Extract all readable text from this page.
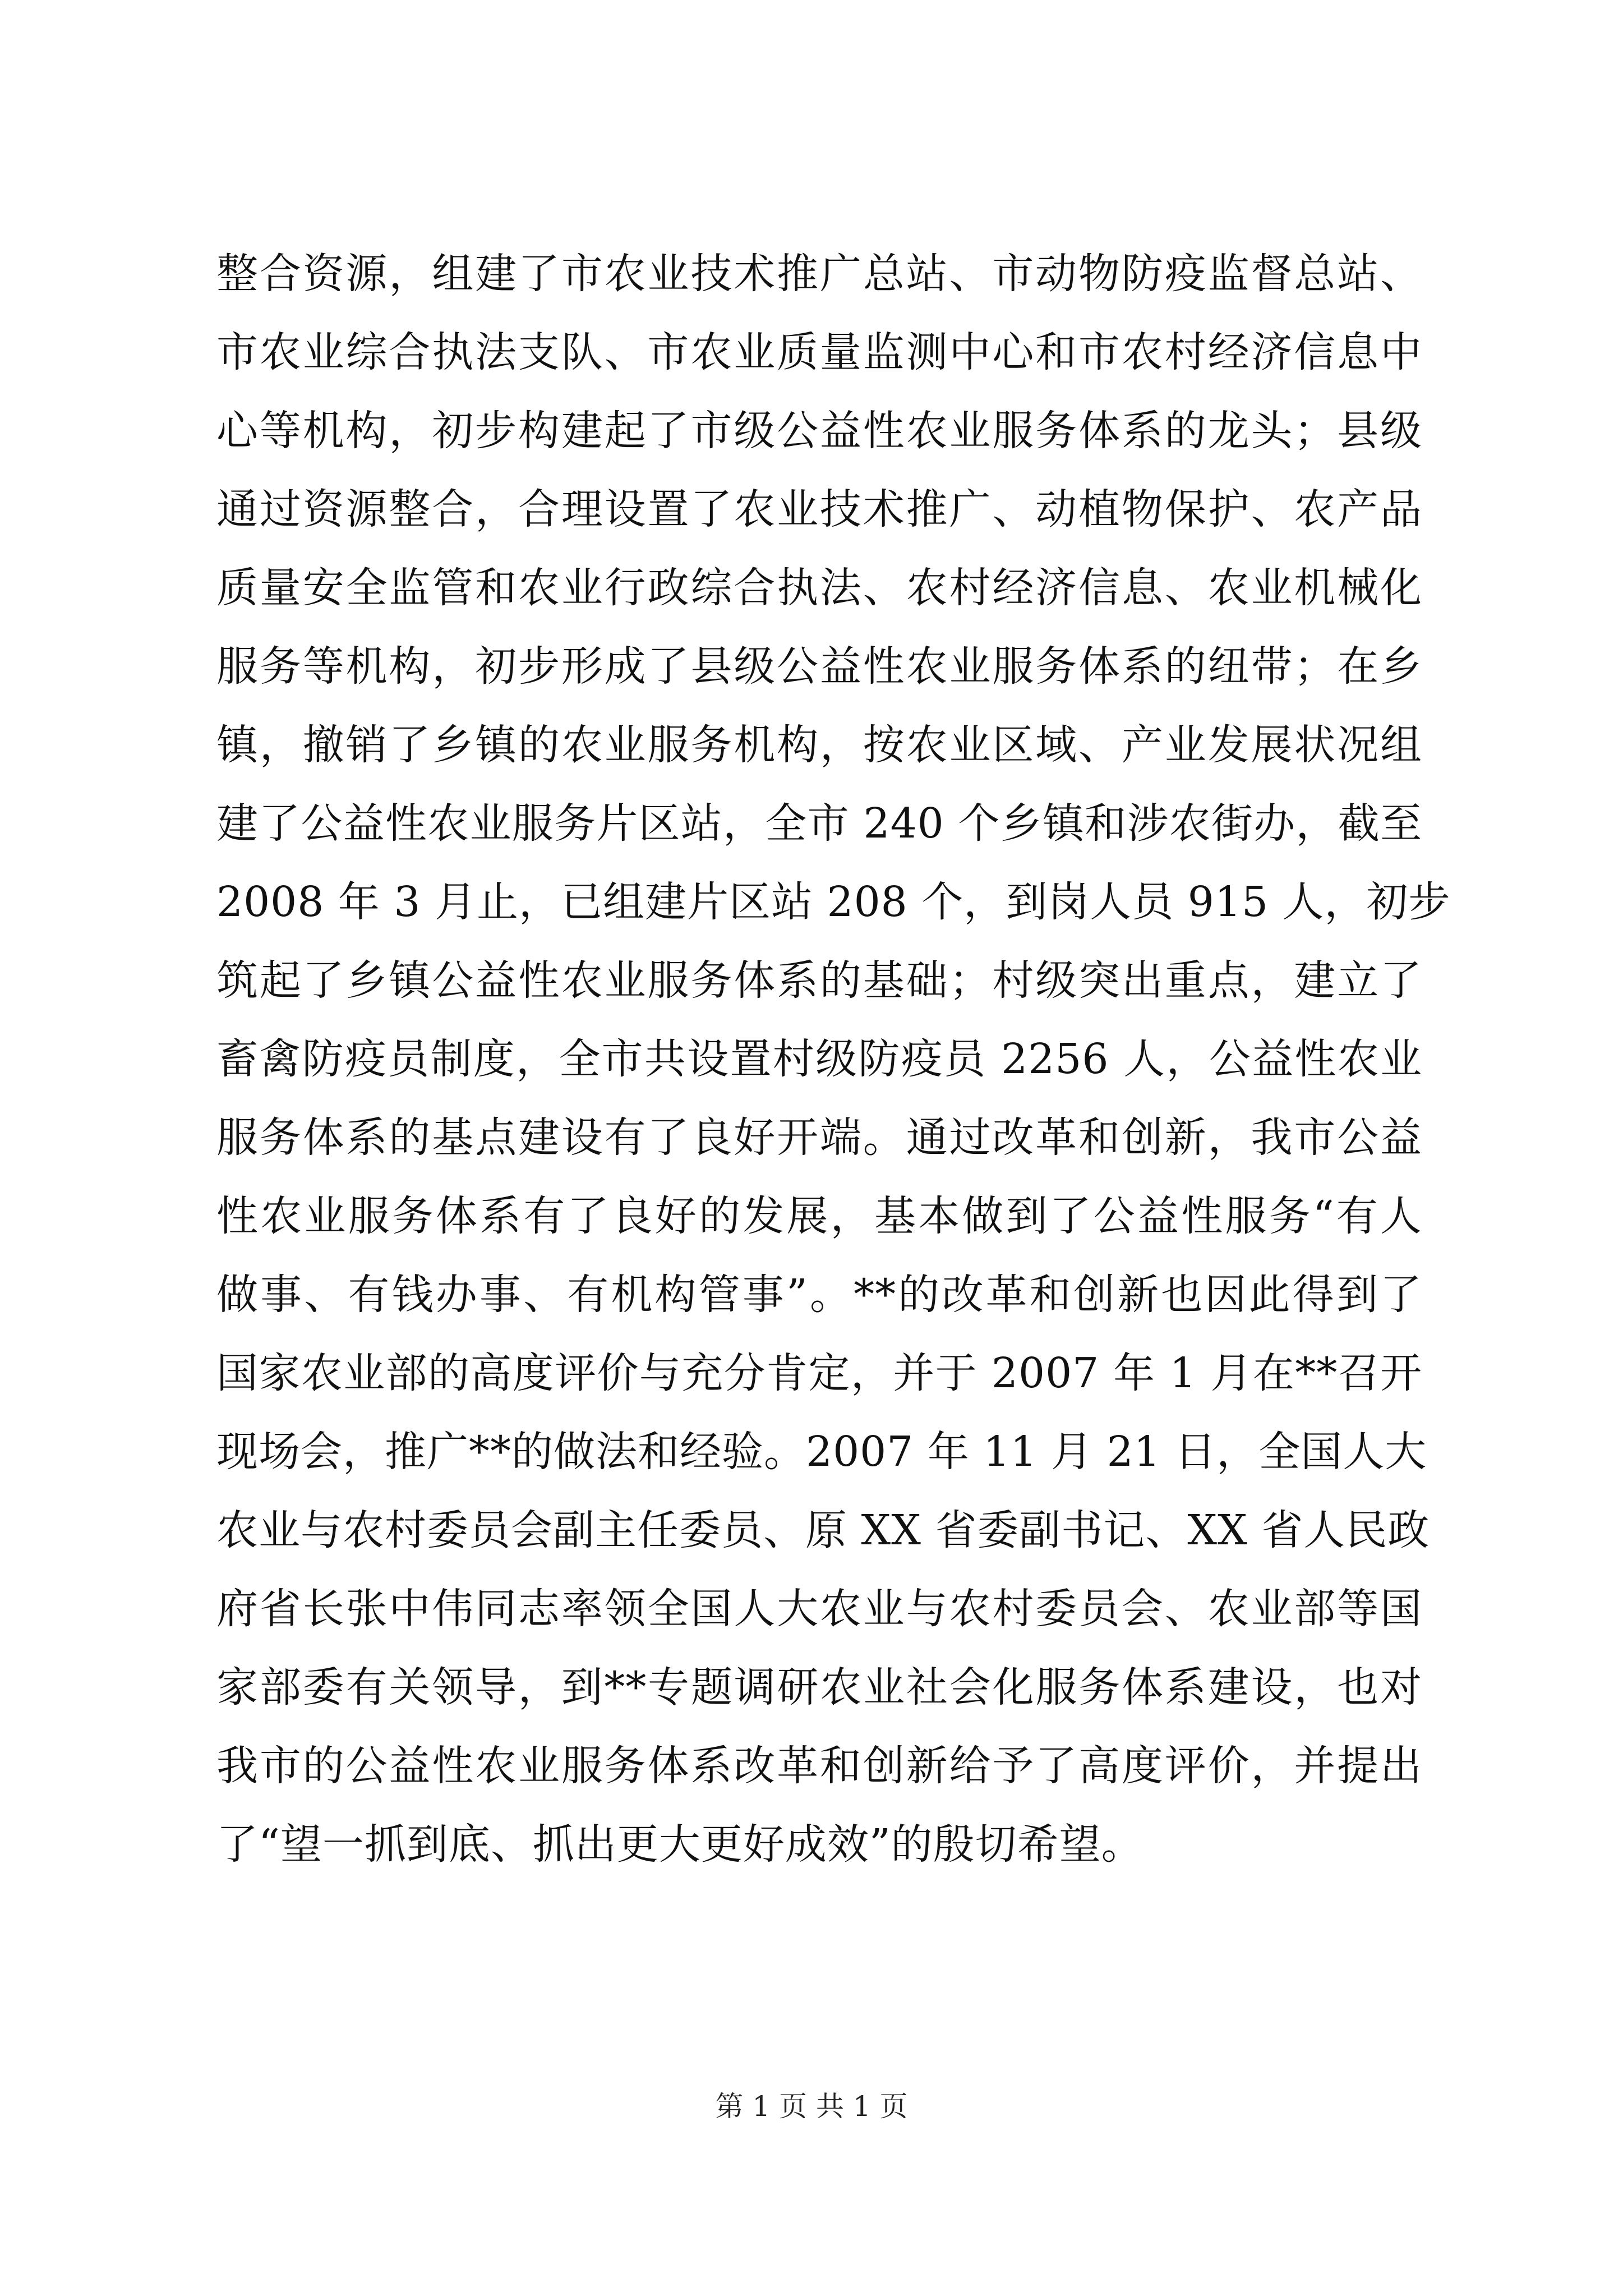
整合资源，组建了市农业技术推广总站、市动物防疫监督总站、
市农业综合执法支队、市农业质量监测中心和市农村经济信息中
心等机构，初步构建起了市级公益性农业服务体系的龙头；县级
通过资源整合，合理设置了农业技术推广、动植物保护、农产品
质量安全监管和农业行政综合执法、农村经济信息、农业机械化
服务等机构，初步形成了县级公益性农业服务体系的纽带；在乡
镇，撤销了乡镇的农业服务机构，按农业区域、产业发展状况组
建了公益性农业服务片区站，全市 240 个乡镇和涉农街办，截至
2008 年 3 月止，已组建片区站 208 个，到岗人员 915 人，初步
筑起了乡镇公益性农业服务体系的基础；村级突出重点，建立了
畜禽防疫员制度，全市共设置村级防疫员 2256 人，公益性农业
服务体系的基点建设有了良好开端。通过改革和创新，我市公益
性农业服务体系有了良好的发展，基本做到了公益性服务“有人
做事、有钱办事、有机构管事”。**的改革和创新也因此得到了
国家农业部的高度评价与充分肯定，并于 2007 年 1 月在**召开
现场会，推广**的做法和经验。2007 年 11 月 21 日，全国人大
农业与农村委员会副主任委员、原 XX 省委副书记、XX 省人民政
府省长张中伟同志率领全国人大农业与农村委员会、农业部等国
家部委有关领导，到**专题调研农业社会化服务体系建设，也对
我市的公益性农业服务体系改革和创新给予了高度评价，并提出
了“望一抓到底、抓出更大更好成效”的殷切希望。
第 1 页 共 1 页
